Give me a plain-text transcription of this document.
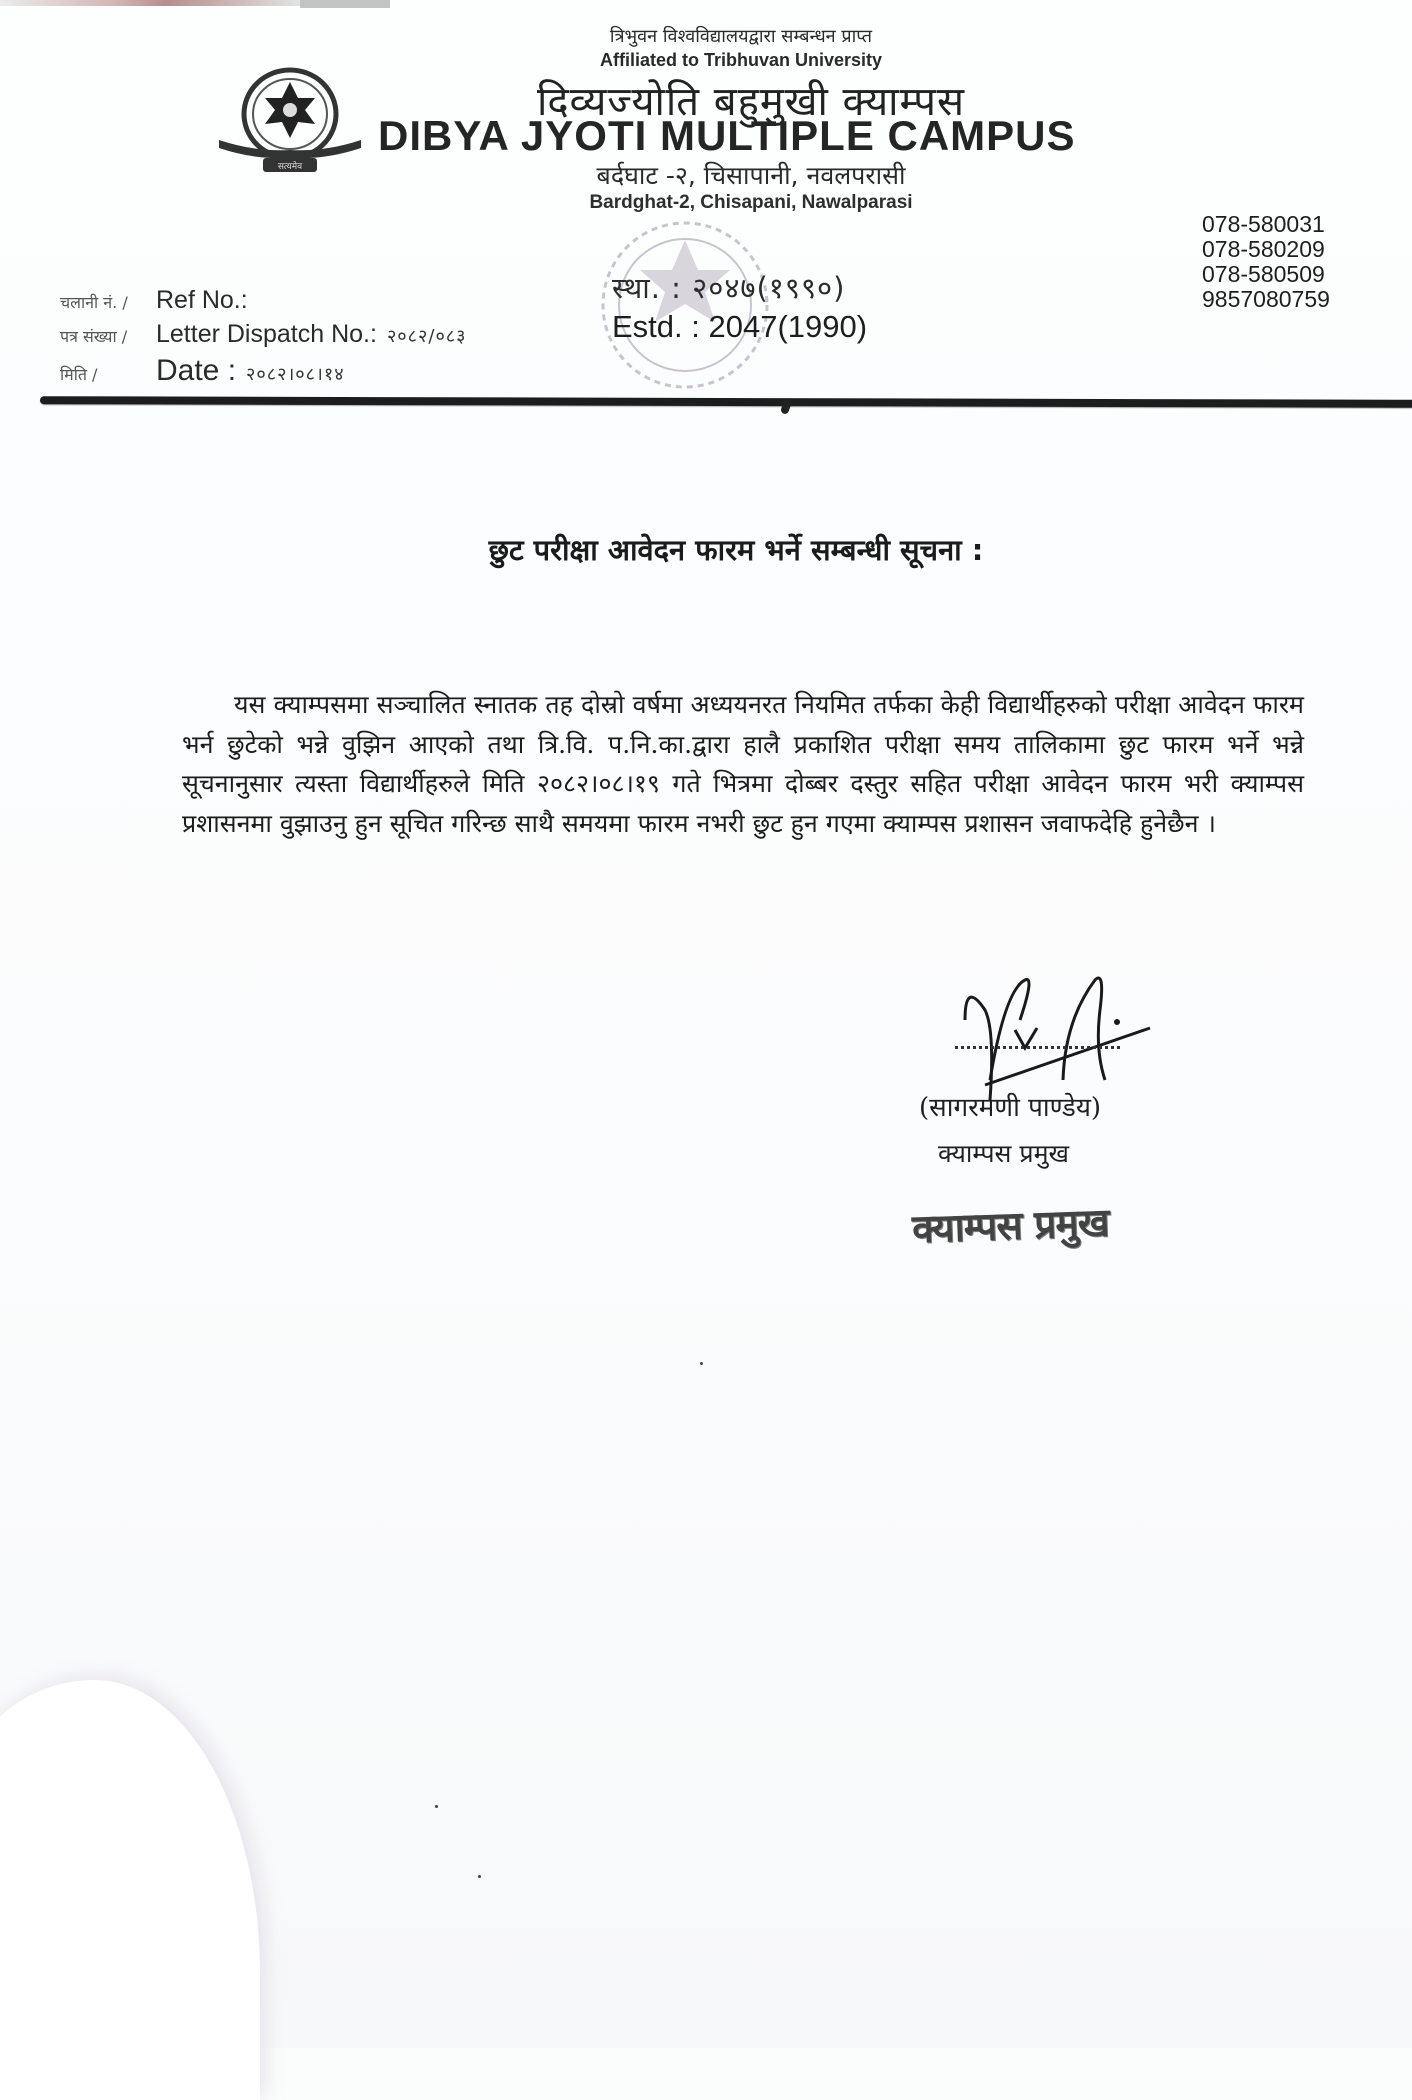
सत्यमेव
त्रिभुवन विश्वविद्यालयद्वारा सम्बन्धन प्राप्त
Affiliated to Tribhuvan University
दिव्यज्योति बहुमुखी क्याम्पस
DIBYA JYOTI MULTIPLE CAMPUS
बर्दघाट -२, चिसापानी, नवलपरासी
Bardghat-2, Chisapani, Nawalparasi
स्था. : २०४७(१९९०)
Estd. : 2047(1990)
078-580031
078-580209
078-580509
9857080759
चलानी नं. /	Ref No.:
पत्र संख्या /	Letter Dispatch No.: २०८२/०८३
मिति /	Date : २०८२।०८।१४
छुट परीक्षा आवेदन फारम भर्ने सम्बन्धी सूचना :

यस क्याम्पसमा सञ्चालित स्नातक तह दोस्रो वर्षमा अध्ययनरत नियमित तर्फका केही विद्यार्थीहरुको परीक्षा आवेदन फारम भर्न छुटेको भन्ने वुझिन आएको तथा त्रि.वि. प.नि.का.द्वारा हालै प्रकाशित परीक्षा समय तालिकामा छुट फारम भर्ने भन्ने सूचनानुसार त्यस्ता विद्यार्थीहरुले मिति २०८२।०८।१९ गते भित्रमा दोब्बर दस्तुर सहित परीक्षा आवेदन फारम भरी क्याम्पस प्रशासनमा वुझाउनु हुन सूचित गरिन्छ साथै समयमा फारम नभरी छुट हुन गएमा क्याम्पस प्रशासन जवाफदेहि हुनेछैन ।

(सागरमणी पाण्डेय)
क्याम्पस प्रमुख
क्याम्पस प्रमुख
